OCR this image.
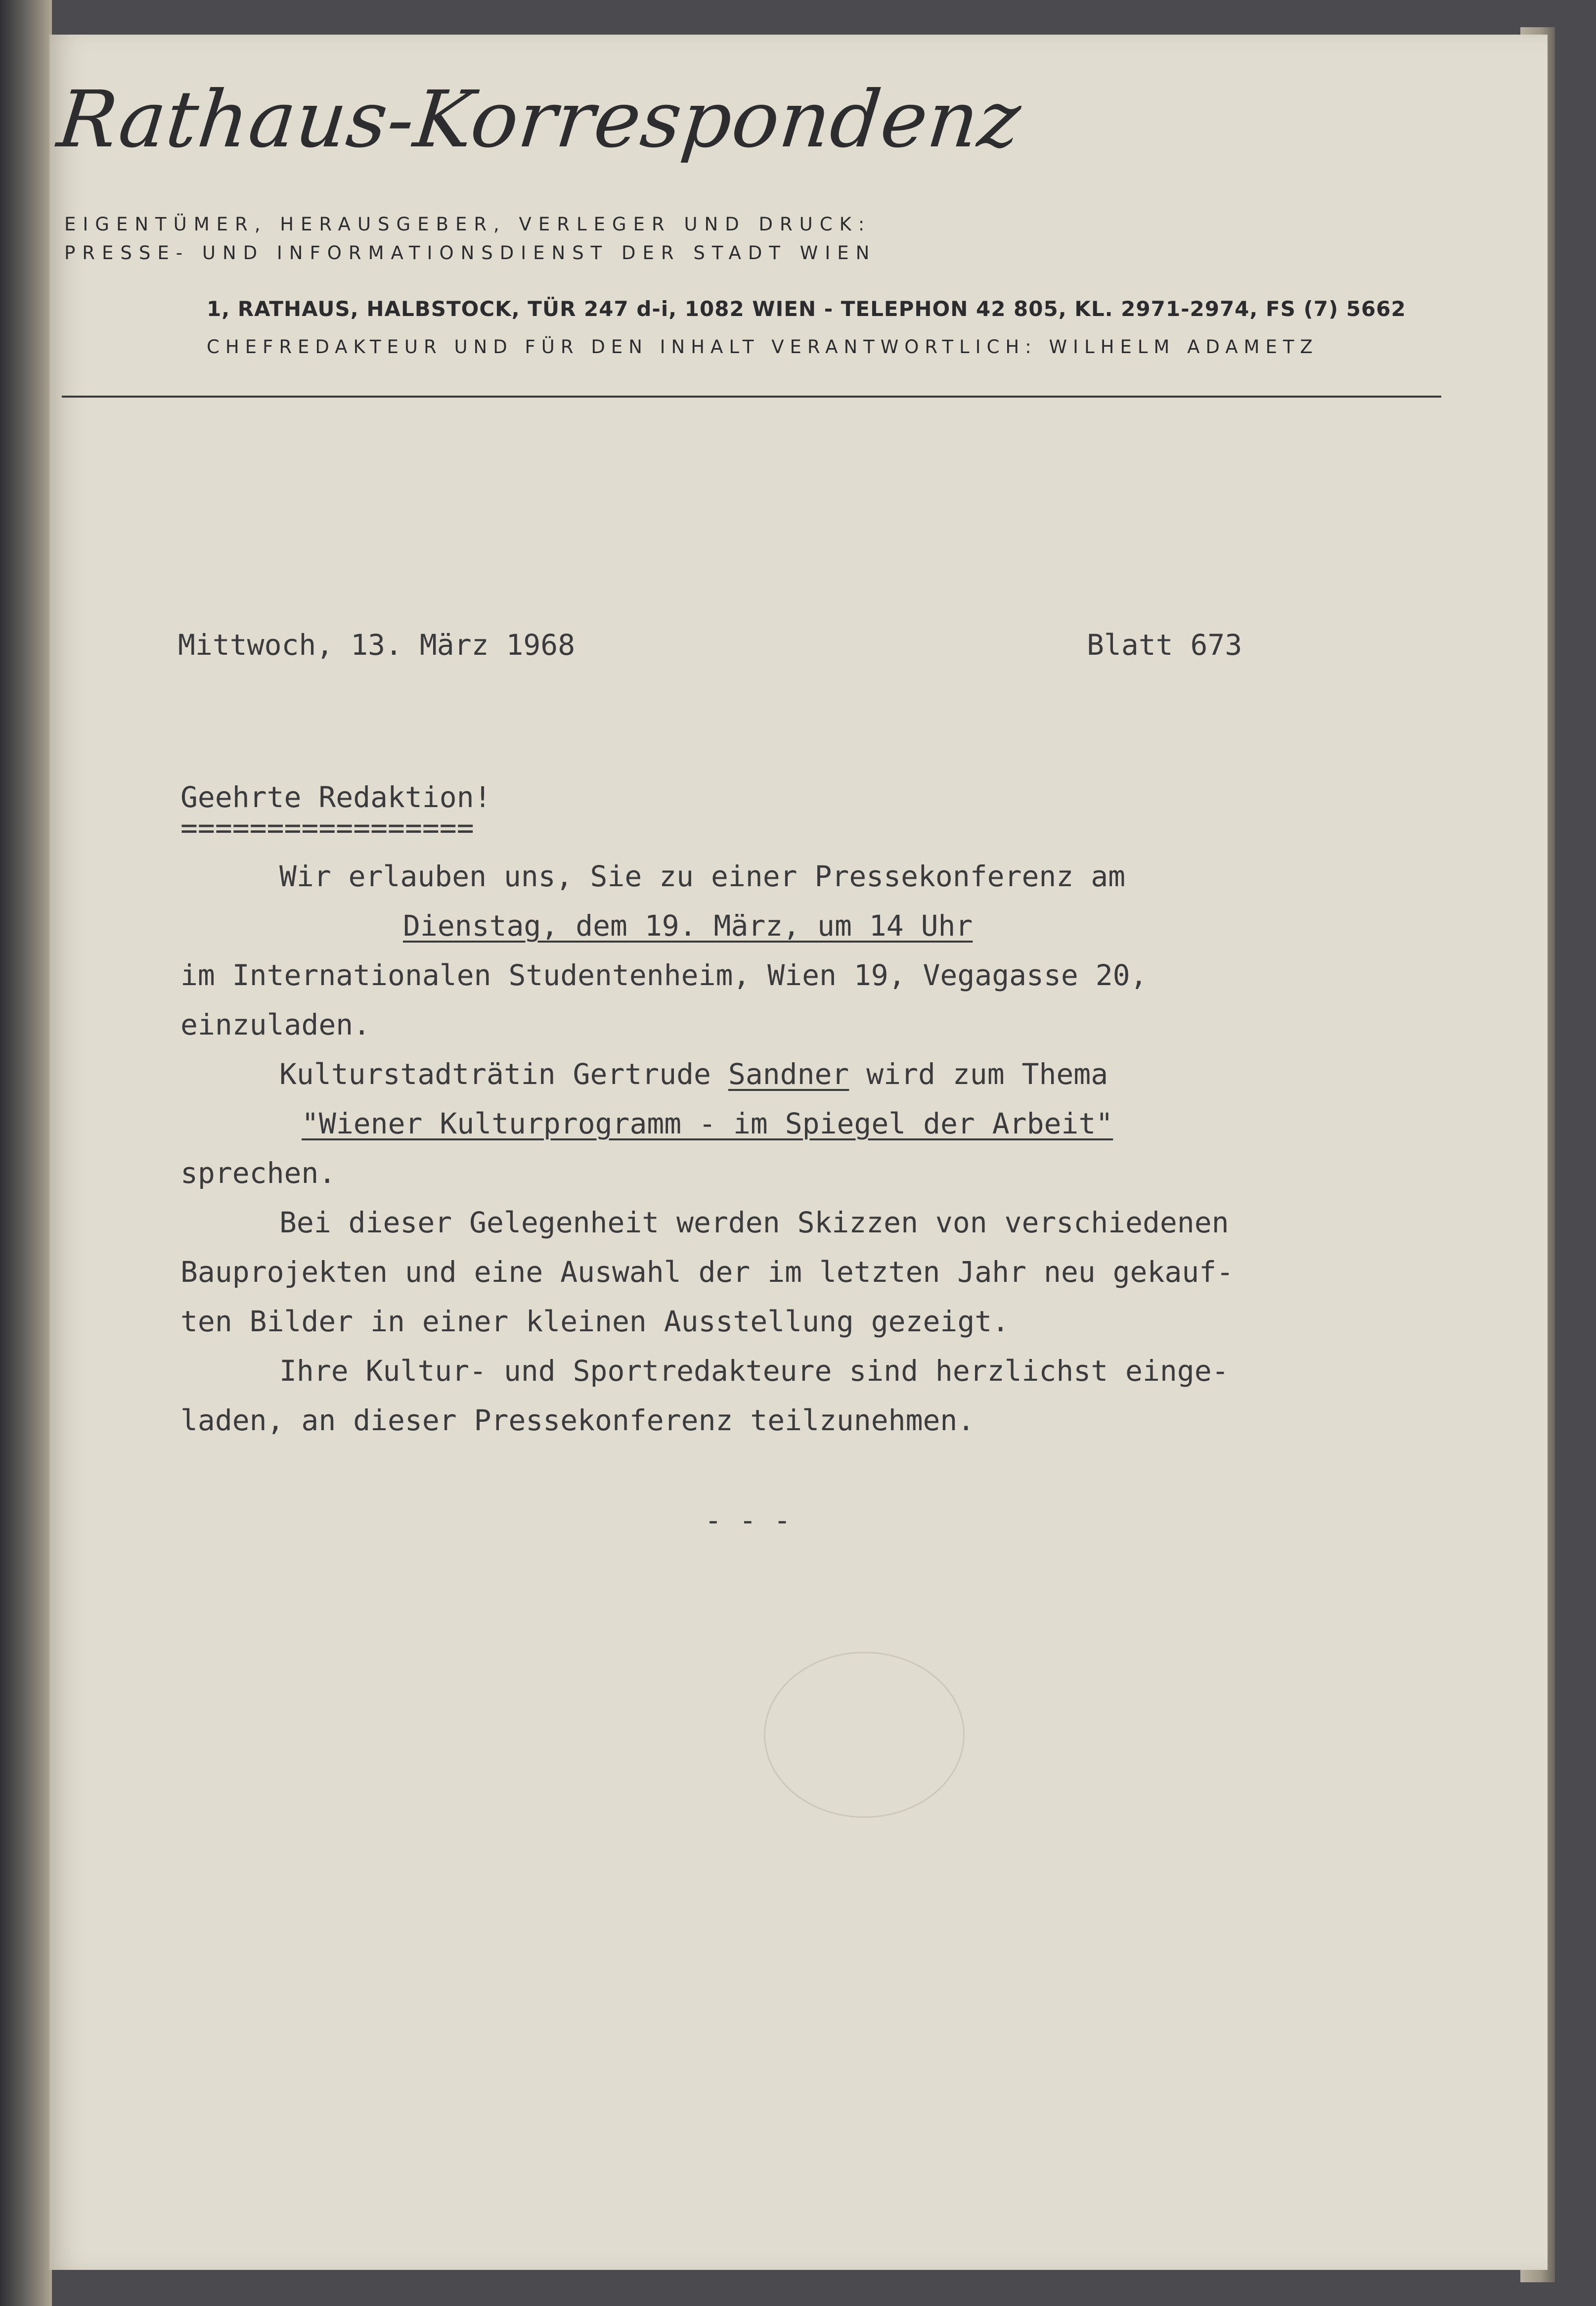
Rathaus-Korrespondenz
EIGENTÜMER, HERAUSGEBER, VERLEGER UND DRUCK:
PRESSE- UND INFORMATIONSDIENST DER STADT WIEN
1, RATHAUS, HALBSTOCK, TÜR 247 d-i, 1082 WIEN - TELEPHON 42 805, KL. 2971-2974, FS (7) 5662
CHEFREDAKTEUR UND FÜR DEN INHALT VERANTWORTLICH: WILHELM ADAMETZ
Mittwoch, 13. März 1968	Blatt 673
Geehrte Redaktion!
=================
Wir erlauben uns, Sie zu einer Pressekonferenz am
Dienstag, dem 19. März, um 14 Uhr
im Internationalen Studentenheim, Wien 19, Vegagasse 20,
einzuladen.
Kulturstadträtin Gertrude Sandner wird zum Thema
"Wiener Kulturprogramm - im Spiegel der Arbeit"
sprechen.
Bei dieser Gelegenheit werden Skizzen von verschiedenen
Bauprojekten und eine Auswahl der im letzten Jahr neu gekauf-
ten Bilder in einer kleinen Ausstellung gezeigt.
Ihre Kultur- und Sportredakteure sind herzlichst einge-
laden, an dieser Pressekonferenz teilzunehmen.
- - -
